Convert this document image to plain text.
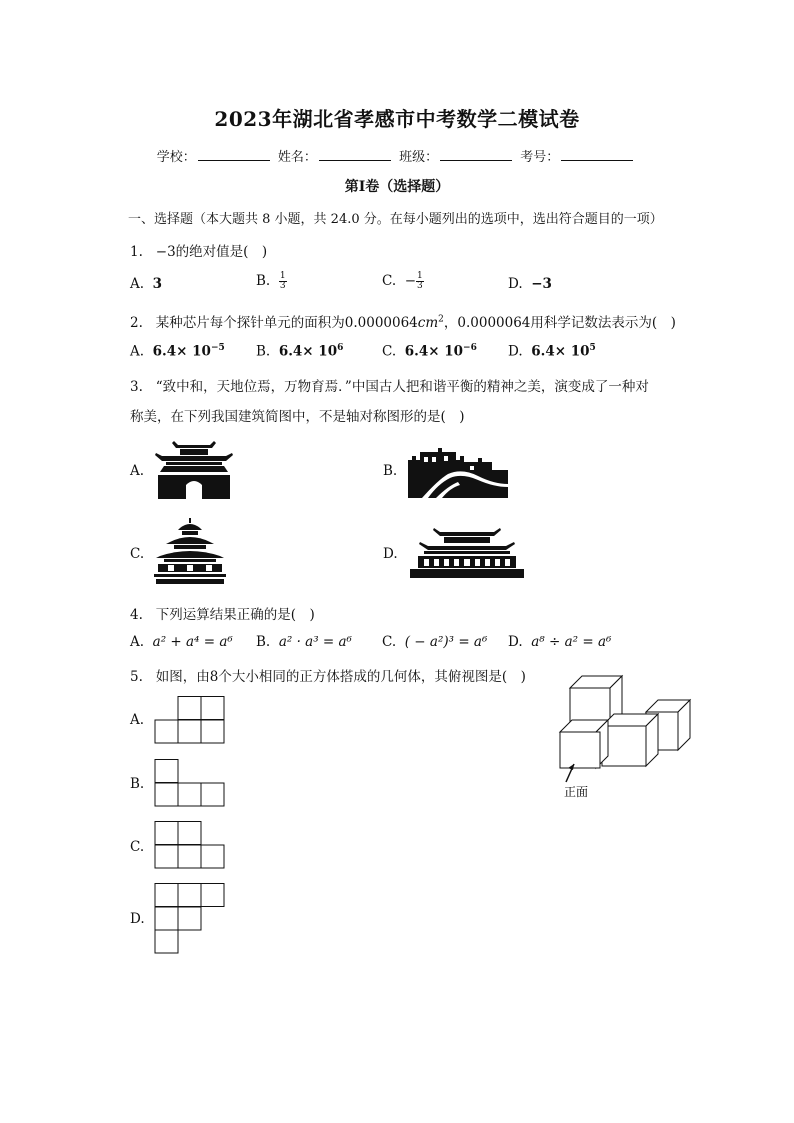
2023年湖北省孝感市中考数学二模试卷
学校：	姓名：	班级：	考号：
第Ⅰ卷（选择题）
一、选择题（本大题共 8 小题，共 24.0 分。在每小题列出的选项中，选出符合题目的一项）
1. −3的绝对值是(　)
A. 3	B. $\frac{1}{3}$	C. − $\frac{1}{3}$	D. −3
2. 某种芯片每个探针单元的面积为$0.0000064cm^2$，0.0000064用科学记数法表示为(　)
A. $6.4\times 10^{-5}$ B. $6.4\times 10^6$	C. $6.4\times 10^{-6}$ D. $6.4\times 10^5$
3. “致中和，天地位焉，万物育焉．”中国古人把和谐平衡的精神之美，演变成了一种对
称美，在下列我国建筑简图中，不是轴对称图形的是(　)
A.	B.
C.	D.
4. 下列运算结果正确的是(　)
A. a² + a⁴ = a⁶ B. a² · a³ = a⁶ C. ( − a²)³ = a⁶ D. a⁸ ÷ a² = a⁶
5. 如图，由8个大小相同的正方体搭成的几何体，其俯视图是(　)
正面
A.
B.
C.
D.
